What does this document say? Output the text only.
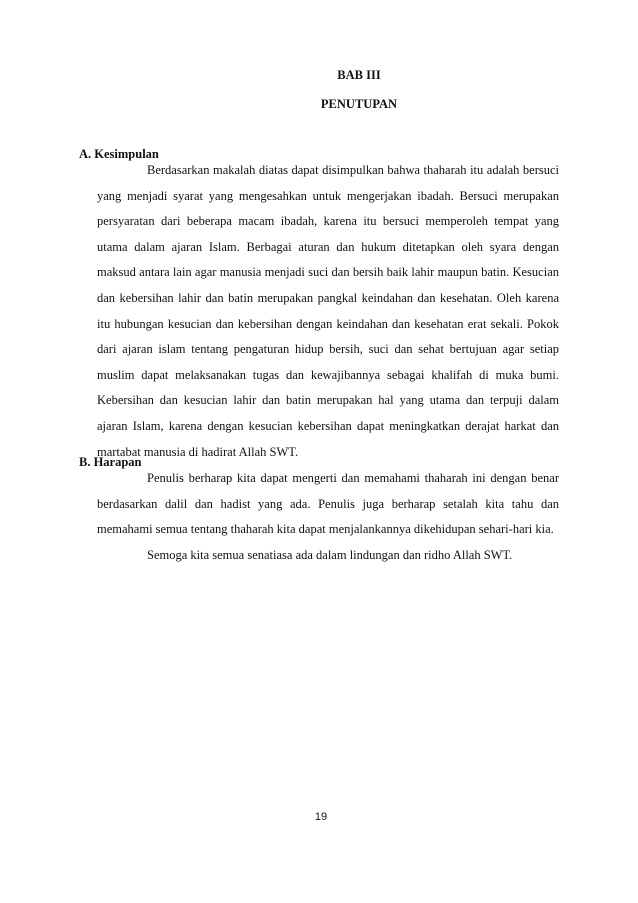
BAB III
PENUTUPAN
A. Kesimpulan

Berdasarkan makalah diatas dapat disimpulkan bahwa thaharah itu adalah bersuci yang menjadi syarat yang mengesahkan untuk mengerjakan ibadah. Bersuci merupakan persyaratan dari beberapa macam ibadah, karena itu bersuci memperoleh tempat yang utama dalam ajaran Islam. Berbagai aturan dan hukum ditetapkan oleh syara dengan maksud antara lain agar manusia menjadi suci dan bersih baik lahir maupun batin. Kesucian dan kebersihan lahir dan batin merupakan pangkal keindahan dan kesehatan. Oleh karena itu hubungan kesucian dan kebersihan dengan keindahan dan kesehatan erat sekali. Pokok dari ajaran islam tentang pengaturan hidup bersih, suci dan sehat bertujuan agar setiap muslim dapat melaksanakan tugas dan kewajibannya sebagai khalifah di muka bumi. Kebersihan dan kesucian lahir dan batin merupakan hal yang utama dan terpuji dalam ajaran Islam, karena dengan kesucian kebersihan dapat meningkatkan derajat harkat dan martabat manusia di hadirat Allah SWT.

B. Harapan

Penulis berharap kita dapat mengerti dan memahami thaharah ini dengan benar berdasarkan dalil dan hadist yang ada. Penulis juga berharap setalah kita tahu dan memahami semua tentang thaharah kita dapat menjalankannya dikehidupan sehari-hari kia.

Semoga kita semua senatiasa ada dalam lindungan dan ridho Allah SWT.

19
